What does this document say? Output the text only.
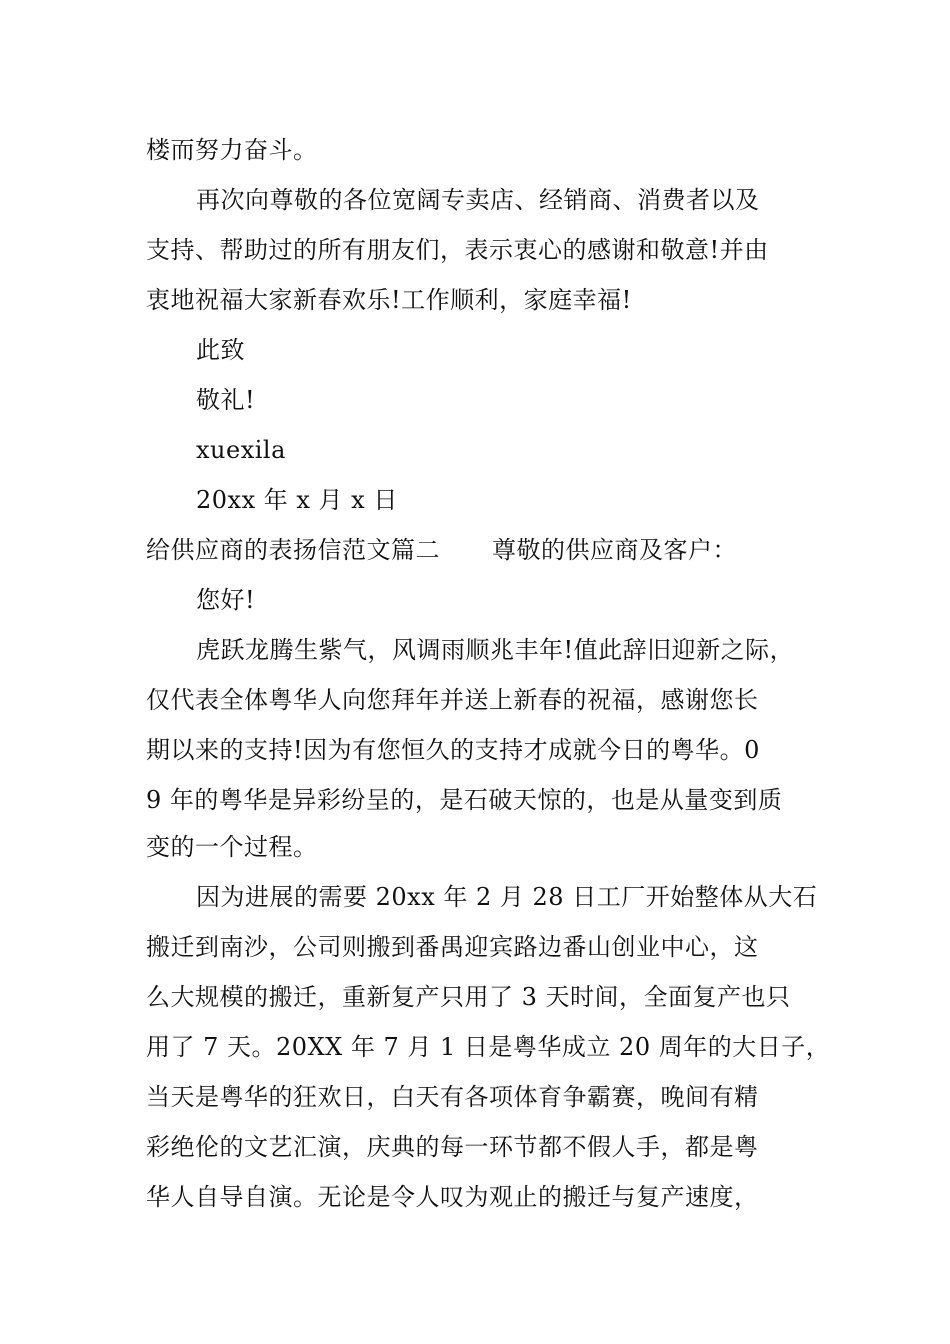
楼而努力奋斗。
再次向尊敬的各位宽阔专卖店、经销商、消费者以及
支持、帮助过的所有朋友们，表示衷心的感谢和敬意!并由
衷地祝福大家新春欢乐!工作顺利，家庭幸福!
此致
敬礼!
xuexila
20xx 年 x 月 x 日
给供应商的表扬信范文篇二 尊敬的供应商及客户：
您好!
虎跃龙腾生紫气，风调雨顺兆丰年!值此辞旧迎新之际，
仅代表全体粤华人向您拜年并送上新春的祝福，感谢您长
期以来的支持!因为有您恒久的支持才成就今日的粤华。0
9 年的粤华是异彩纷呈的，是石破天惊的，也是从量变到质
变的一个过程。
因为进展的需要 20xx 年 2 月 28 日工厂开始整体从大石
搬迁到南沙，公司则搬到番禺迎宾路边番山创业中心，这
么大规模的搬迁，重新复产只用了 3 天时间，全面复产也只
用了 7 天。20XX 年 7 月 1 日是粤华成立 20 周年的大日子，
当天是粤华的狂欢日，白天有各项体育争霸赛，晚间有精
彩绝伦的文艺汇演，庆典的每一环节都不假人手，都是粤
华人自导自演。无论是令人叹为观止的搬迁与复产速度，
